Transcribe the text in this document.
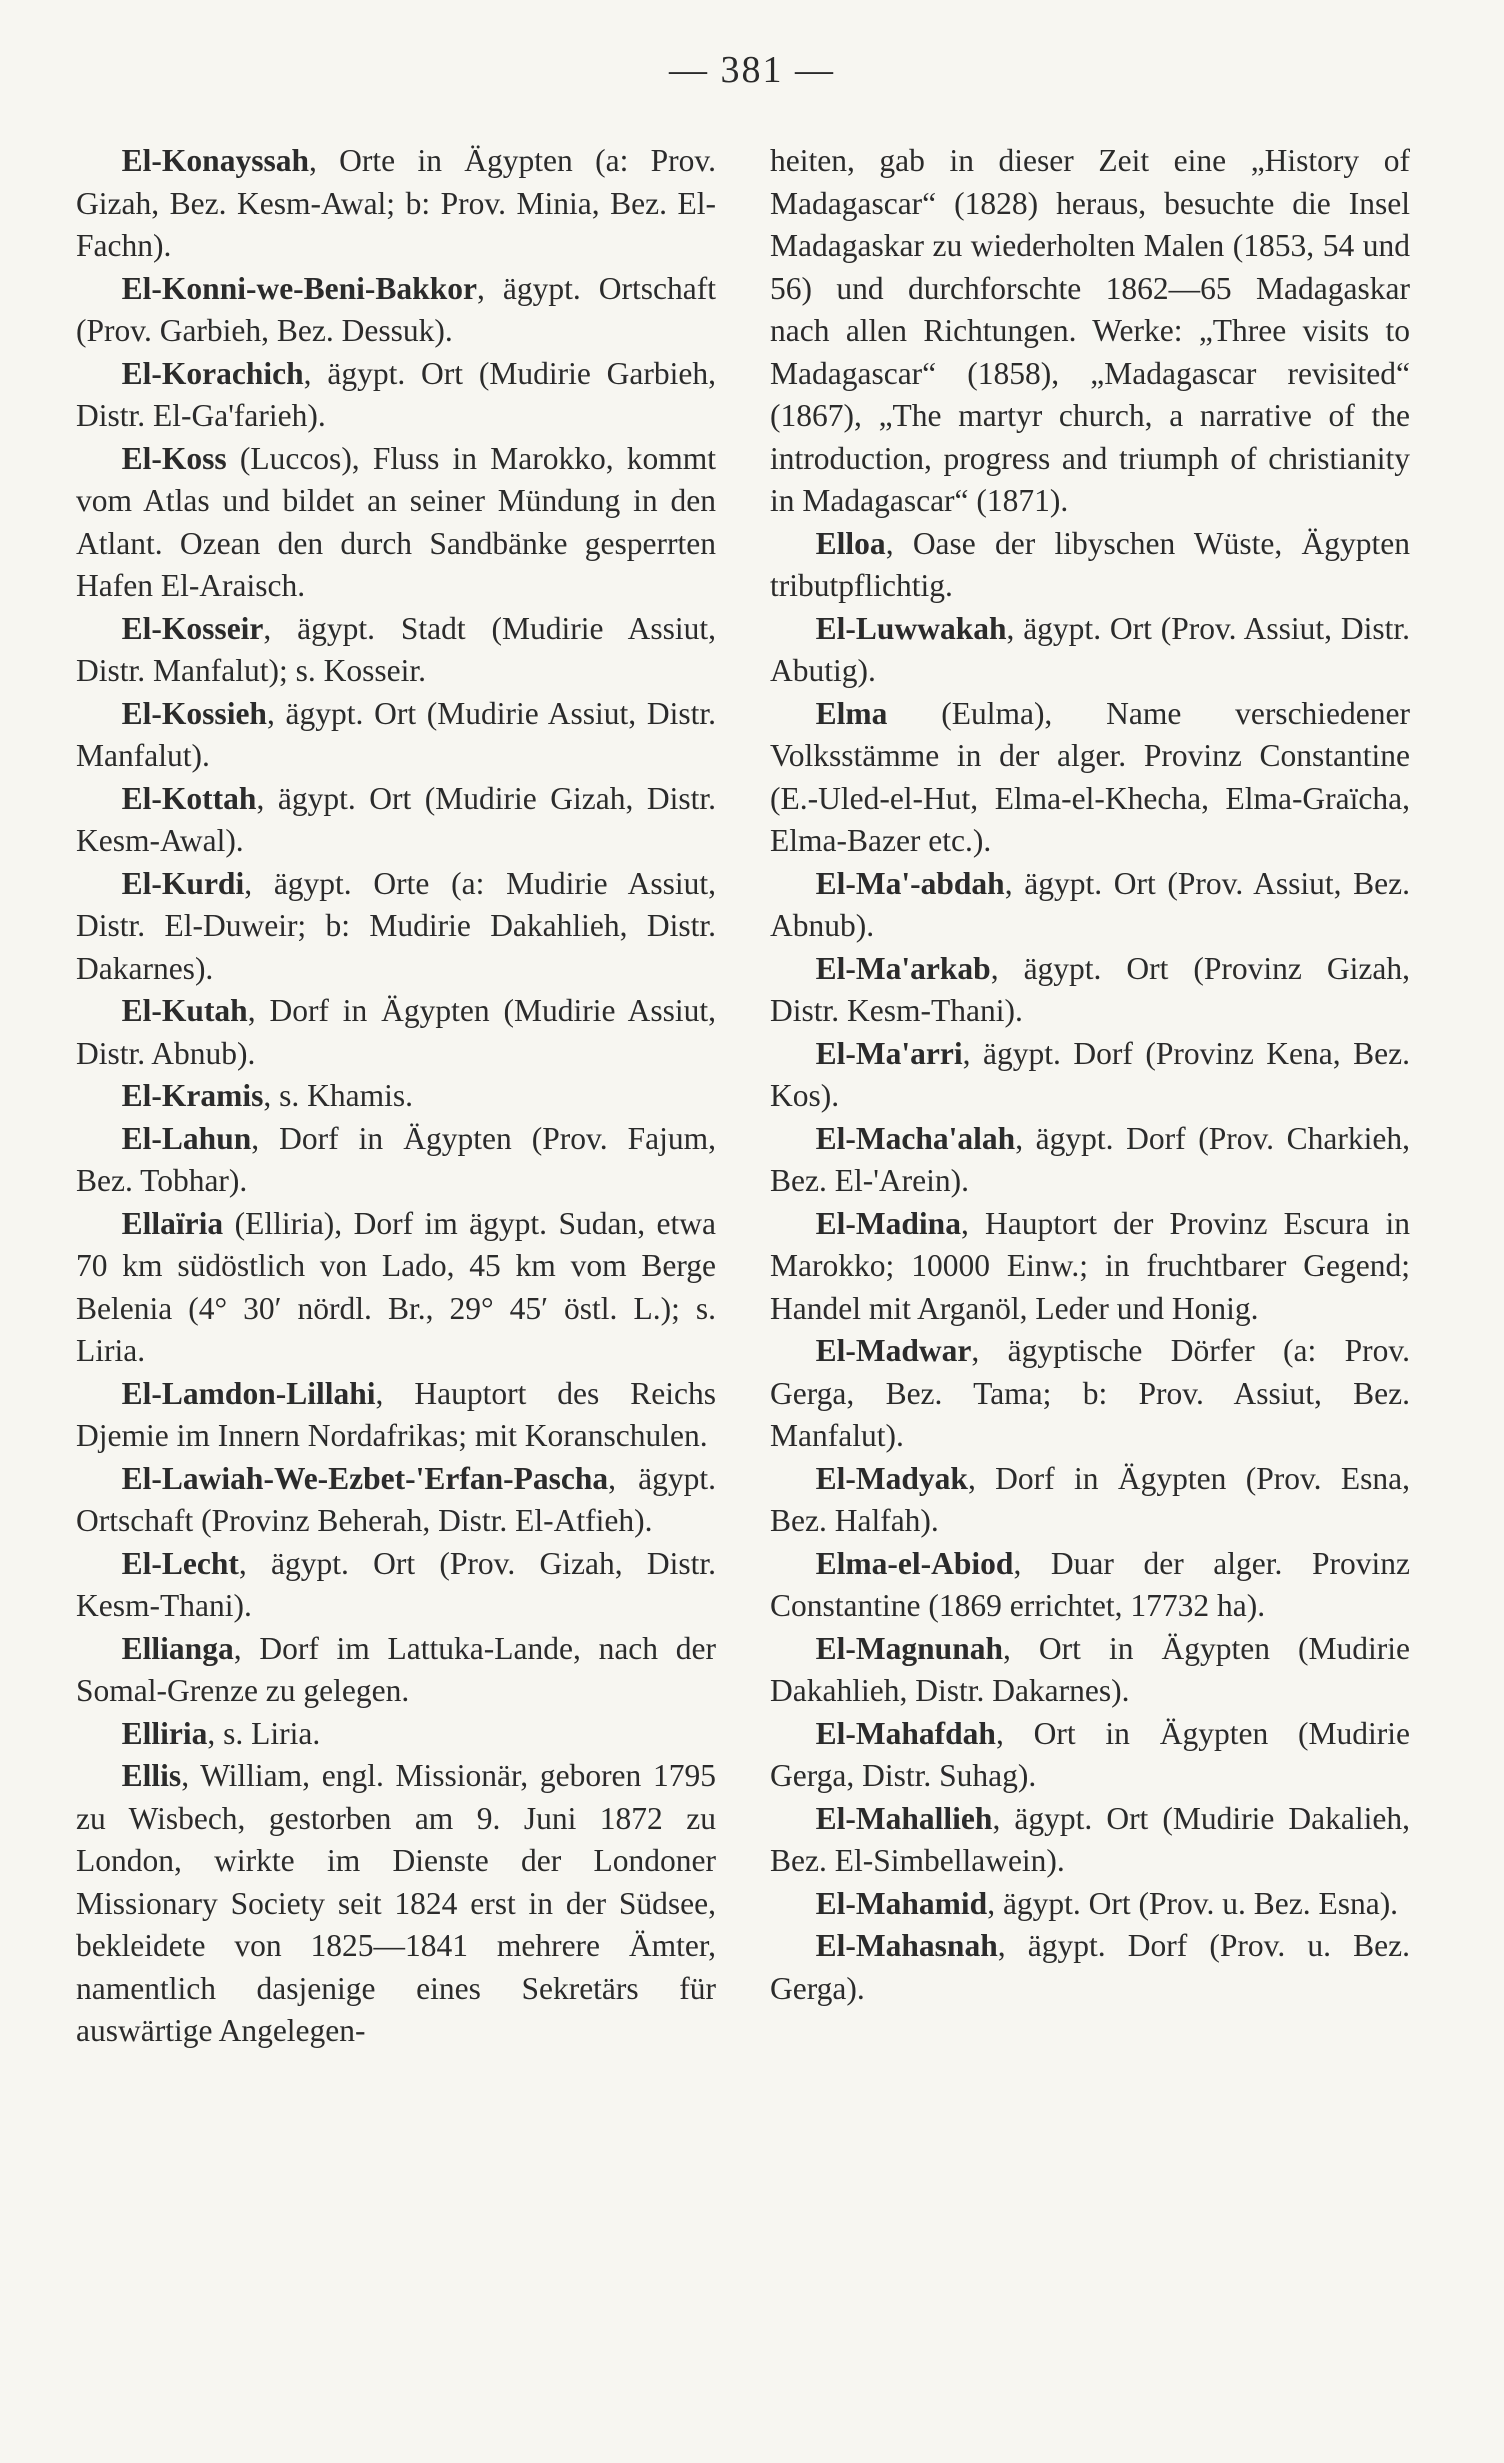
— 381 —

El-Konayssah, Orte in Ägypten (a: Prov. Gizah, Bez. Kesm-Awal; b: Prov. Minia, Bez. El-Fachn).

El-Konni-we-Beni-Bakkor, ägypt. Ortschaft (Prov. Garbieh, Bez. Dessuk).

El-Korachich, ägypt. Ort (Mudirie Garbieh, Distr. El-Ga'farieh).

El-Koss (Luccos), Fluss in Marokko, kommt vom Atlas und bildet an seiner Mündung in den Atlant. Ozean den durch Sandbänke gesperrten Hafen El-Araisch.

El-Kosseir, ägypt. Stadt (Mudirie Assiut, Distr. Manfalut); s. Kosseir.

El-Kossieh, ägypt. Ort (Mudirie Assiut, Distr. Manfalut).

El-Kottah, ägypt. Ort (Mudirie Gizah, Distr. Kesm-Awal).

El-Kurdi, ägypt. Orte (a: Mudirie Assiut, Distr. El-Duweir; b: Mudirie Dakahlieh, Distr. Dakarnes).

El-Kutah, Dorf in Ägypten (Mudirie Assiut, Distr. Abnub).

El-Kramis, s. Khamis.

El-Lahun, Dorf in Ägypten (Prov. Fajum, Bez. Tobhar).

Ellaïria (Elliria), Dorf im ägypt. Sudan, etwa 70 km südöstlich von Lado, 45 km vom Berge Belenia (4° 30′ nördl. Br., 29° 45′ östl. L.); s. Liria.

El-Lamdon-Lillahi, Hauptort des Reichs Djemie im Innern Nordafrikas; mit Koranschulen.

El-Lawiah-We-Ezbet-'Erfan-Pascha, ägypt. Ortschaft (Provinz Beherah, Distr. El-Atfieh).

El-Lecht, ägypt. Ort (Prov. Gizah, Distr. Kesm-Thani).

Ellianga, Dorf im Lattuka-Lande, nach der Somal-Grenze zu gelegen.

Elliria, s. Liria.

Ellis, William, engl. Missionär, geboren 1795 zu Wisbech, gestorben am 9. Juni 1872 zu London, wirkte im Dienste der Londoner Missionary Society seit 1824 erst in der Südsee, bekleidete von 1825—1841 mehrere Ämter, namentlich dasjenige eines Sekretärs für auswärtige Angelegen-

heiten, gab in dieser Zeit eine „History of Madagascar“ (1828) heraus, besuchte die Insel Madagaskar zu wiederholten Malen (1853, 54 und 56) und durchforschte 1862—65 Madagaskar nach allen Richtungen. Werke: „Three visits to Madagascar“ (1858), „Madagascar revisited“ (1867), „The martyr church, a narrative of the introduction, progress and triumph of christianity in Madagascar“ (1871).

Elloa, Oase der libyschen Wüste, Ägypten tributpflichtig.

El-Luwwakah, ägypt. Ort (Prov. Assiut, Distr. Abutig).

Elma (Eulma), Name verschiedener Volksstämme in der alger. Provinz Constantine (E.-Uled-el-Hut, Elma-el-Khecha, Elma-Graïcha, Elma-Bazer etc.).

El-Ma'-abdah, ägypt. Ort (Prov. Assiut, Bez. Abnub).

El-Ma'arkab, ägypt. Ort (Provinz Gizah, Distr. Kesm-Thani).

El-Ma'arri, ägypt. Dorf (Provinz Kena, Bez. Kos).

El-Macha'alah, ägypt. Dorf (Prov. Charkieh, Bez. El-'Arein).

El-Madina, Hauptort der Provinz Escura in Marokko; 10000 Einw.; in fruchtbarer Gegend; Handel mit Arganöl, Leder und Honig.

El-Madwar, ägyptische Dörfer (a: Prov. Gerga, Bez. Tama; b: Prov. Assiut, Bez. Manfalut).

El-Madyak, Dorf in Ägypten (Prov. Esna, Bez. Halfah).

Elma-el-Abiod, Duar der alger. Provinz Constantine (1869 errichtet, 17732 ha).

El-Magnunah, Ort in Ägypten (Mudirie Dakahlieh, Distr. Dakarnes).

El-Mahafdah, Ort in Ägypten (Mudirie Gerga, Distr. Suhag).

El-Mahallieh, ägypt. Ort (Mudirie Dakalieh, Bez. El-Simbellawein).

El-Mahamid, ägypt. Ort (Prov. u. Bez. Esna).

El-Mahasnah, ägypt. Dorf (Prov. u. Bez. Gerga).
